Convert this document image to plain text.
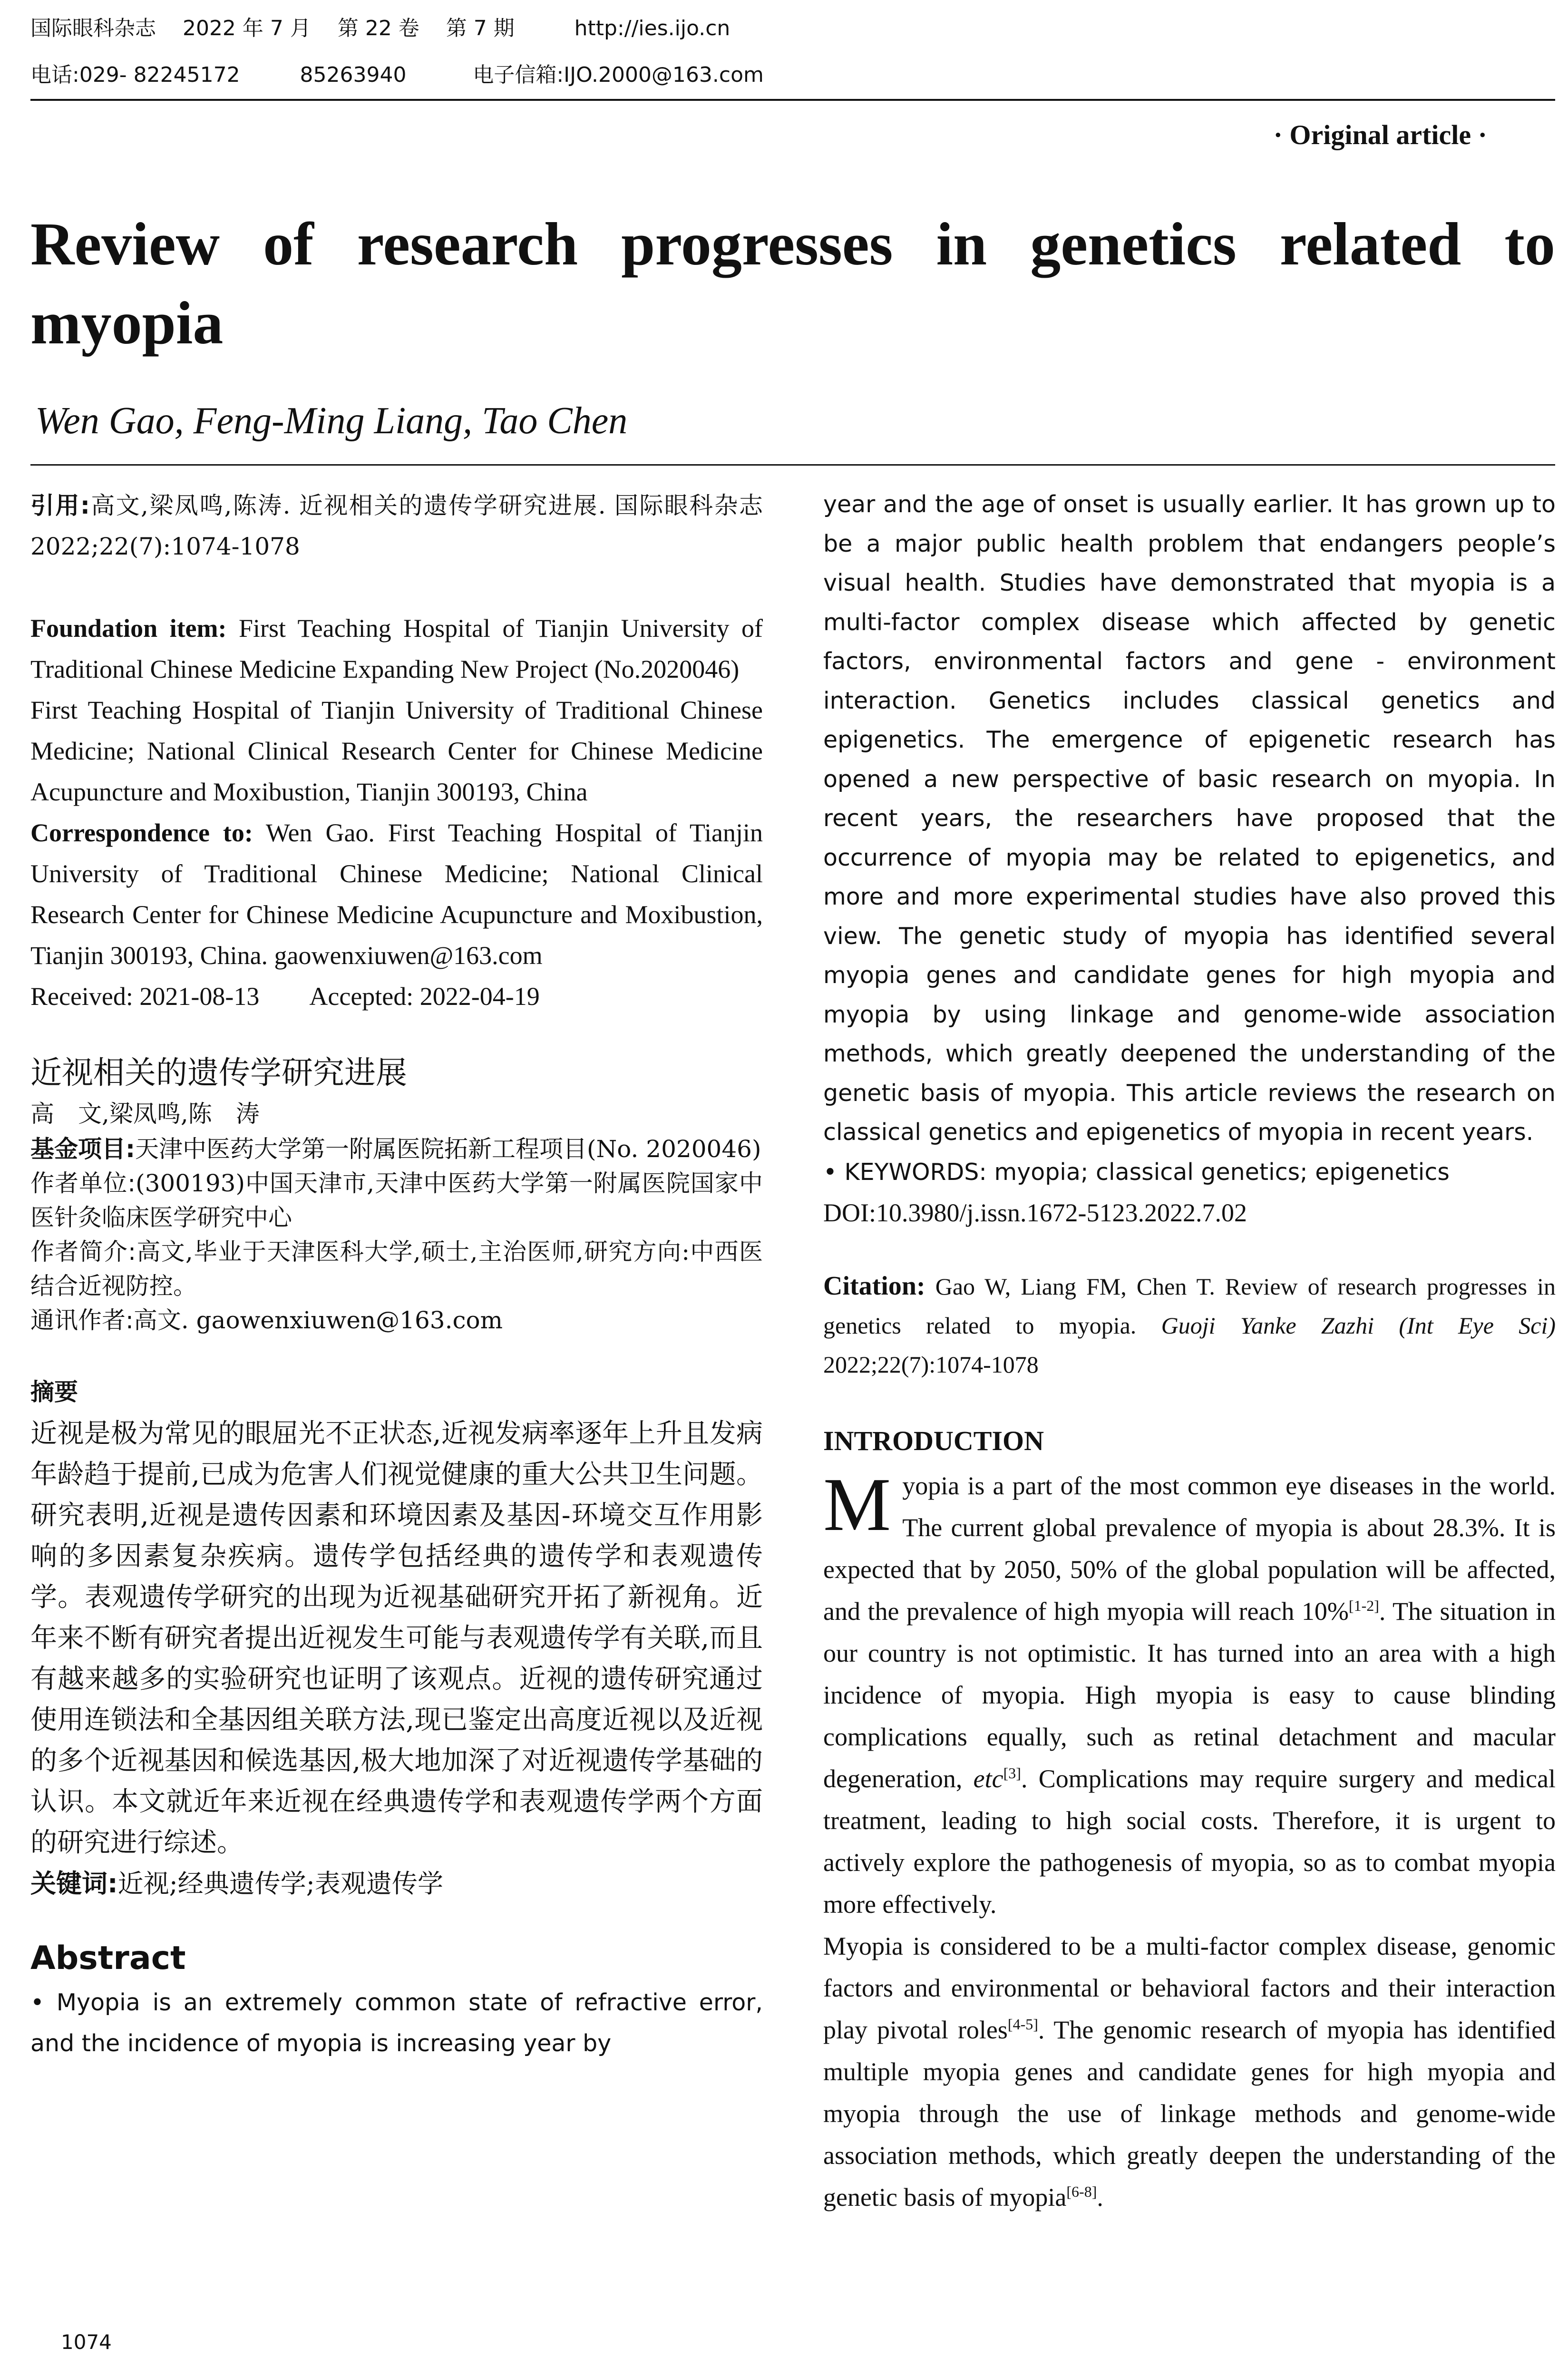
国际眼科杂志 2022 年 7 月 第 22 卷 第 7 期	http://ies.ijo.cn
电话:029- 82245172	85263940	电子信箱:IJO.2000@163.com
· Original article ·
Review of research progresses in genetics related to myopia
Wen Gao, Feng-Ming Liang, Tao Chen

引用:高文,梁凤鸣,陈涛. 近视相关的遗传学研究进展. 国际眼科杂志 2022;22(7):1074-1078

Foundation item: First Teaching Hospital of Tianjin University of Traditional Chinese Medicine Expanding New Project (No.2020046)

First Teaching Hospital of Tianjin University of Traditional Chinese Medicine; National Clinical Research Center for Chinese Medicine Acupuncture and Moxibustion, Tianjin 300193, China

Correspondence to: Wen Gao. First Teaching Hospital of Tianjin University of Traditional Chinese Medicine; National Clinical Research Center for Chinese Medicine Acupuncture and Moxibustion, Tianjin 300193, China. gaowenxiuwen@163.com

Received: 2021-08-13 Accepted: 2022-04-19

近视相关的遗传学研究进展

高　文,梁凤鸣,陈　涛

基金项目:天津中医药大学第一附属医院拓新工程项目(No. 2020046)

作者单位:(300193)中国天津市,天津中医药大学第一附属医院国家中医针灸临床医学研究中心

作者简介:高文,毕业于天津医科大学,硕士,主治医师,研究方向:中西医结合近视防控。

通讯作者:高文. gaowenxiuwen@163.com

摘要

近视是极为常见的眼屈光不正状态,近视发病率逐年上升且发病年龄趋于提前,已成为危害人们视觉健康的重大公共卫生问题。研究表明,近视是遗传因素和环境因素及基因-环境交互作用影响的多因素复杂疾病。遗传学包括经典的遗传学和表观遗传学。表观遗传学研究的出现为近视基础研究开拓了新视角。近年来不断有研究者提出近视发生可能与表观遗传学有关联,而且有越来越多的实验研究也证明了该观点。近视的遗传研究通过使用连锁法和全基因组关联方法,现已鉴定出高度近视以及近视的多个近视基因和候选基因,极大地加深了对近视遗传学基础的认识。本文就近年来近视在经典遗传学和表观遗传学两个方面的研究进行综述。

关键词:近视;经典遗传学;表观遗传学

Abstract

• Myopia is an extremely common state of refractive error, and the incidence of myopia is increasing year by

year and the age of onset is usually earlier. It has grown up to be a major public health problem that endangers people’s visual health. Studies have demonstrated that myopia is a multi-factor complex disease which affected by genetic factors, environmental factors and gene - environment interaction. Genetics includes classical genetics and epigenetics. The emergence of epigenetic research has opened a new perspective of basic research on myopia. In recent years, the researchers have proposed that the occurrence of myopia may be related to epigenetics, and more and more experimental studies have also proved this view. The genetic study of myopia has identified several myopia genes and candidate genes for high myopia and myopia by using linkage and genome-wide association methods, which greatly deepened the understanding of the genetic basis of myopia. This article reviews the research on classical genetics and epigenetics of myopia in recent years.

• KEYWORDS: myopia; classical genetics; epigenetics

DOI:10.3980/j.issn.1672-5123.2022.7.02

Citation: Gao W, Liang FM, Chen T. Review of research progresses in genetics related to myopia. Guoji Yanke Zazhi (Int Eye Sci) 2022;22(7):1074-1078

INTRODUCTION

Myopia is a part of the most common eye diseases in the world. The current global prevalence of myopia is about 28.3%. It is expected that by 2050, 50% of the global population will be affected, and the prevalence of high myopia will reach 10%[1-2]. The situation in our country is not optimistic. It has turned into an area with a high incidence of myopia. High myopia is easy to cause blinding complications equally, such as retinal detachment and macular degeneration, etc[3]. Complications may require surgery and medical treatment, leading to high social costs. Therefore, it is urgent to actively explore the pathogenesis of myopia, so as to combat myopia more effectively.

Myopia is considered to be a multi-factor complex disease, genomic factors and environmental or behavioral factors and their interaction play pivotal roles[4-5]. The genomic research of myopia has identified multiple myopia genes and candidate genes for high myopia and myopia through the use of linkage methods and genome-wide association methods, which greatly deepen the understanding of the genetic basis of myopia[6-8].

1074
